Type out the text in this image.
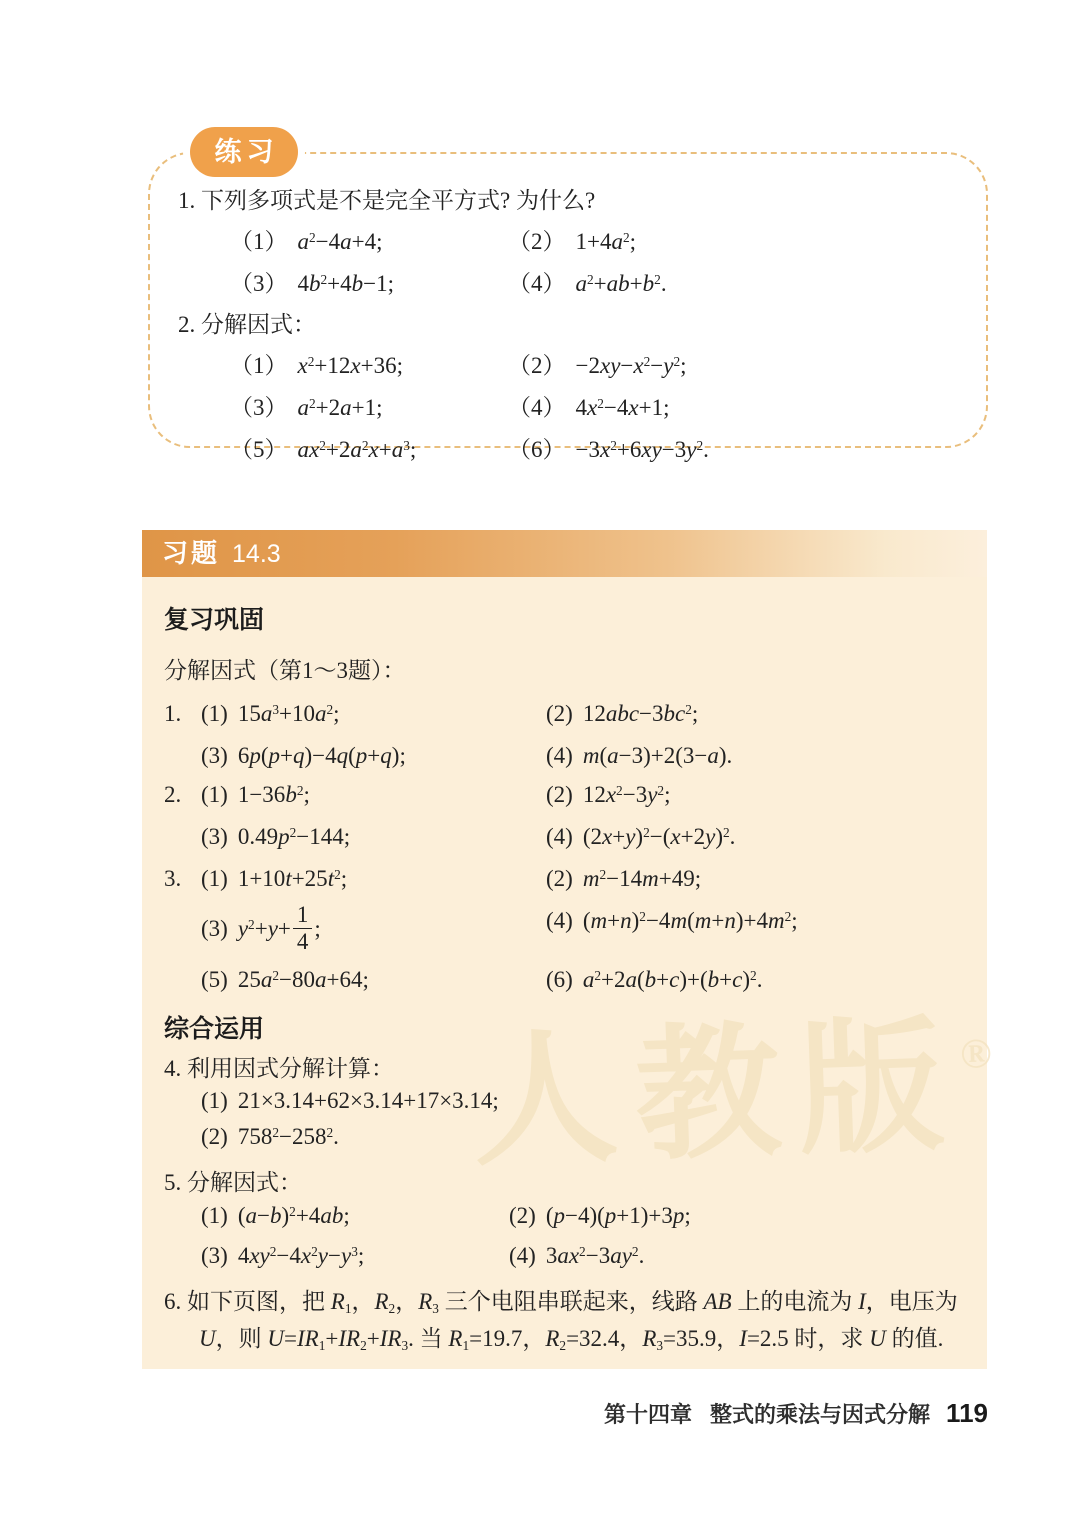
1. 下列多项式是不是完全平方式? 为什么?
（1） $a^2-4a+4$;	（2） $1+4a^2$;
（3） $4b^2+4b-1$;	（4） $a^2+ab+b^2$.
2. 分解因式：
（1） $x^2+12x+36$;	$(2) -2xy-x^2-y^2$;
（3） $a^2+2a+1$;	（4） $4x^2-4x+1$;
（5） $ax^2+2a^2x+a^3$;	$(6) -3x^2+6xy-3y^2$.
练习
习题 14.3
人教版®
复习巩固
分解因式（第1～3题）：
1. (1) $15a^3+10a^2$;	(2) $12abc-3bc^2$;
(3) 6p(p+q)−4q(p+q);	(4) m(a−3)+2(3−a).
2. (1) $1-36b^2$;	(2) $12x^2-3y^2$;
(3) $0.49p^2-144$;	(4) $(2x+y)^2-(x+2y)^2$.
3. (1) $1+10t+25t^2$;	(2) $m^2-14m+49$;
(3) $y^2+y+ \frac{1}{4}$ ;	(4) $(m+n)^2-4m(m+n)+4m^2$;
(5) $25a^2-80a+64$;	(6) $a^2+2a(b+c)+(b+c)^2$.
综合运用
4. 利用因式分解计算：
(1) 21×3.14+62×3.14+17×3.14;
(2) $758^2-258^2$.
5. 分解因式：
(1) $(a-b)^2+4ab$;	(2) (p−4)(p+1)+3p;
(3) $4xy^2-4x^2y-y^3$;	(4) $3ax^2-3ay^2$.
6. 如下页图，把 $R_1$，$R_2$，$R_3$ 三个电阻串联起来，线路 AB 上的电流为 I，电压为 U，则 $U=IR_1+IR_2+IR_3$. 当 $R_1=19.7$，$R_2=32.4$，$R_3=35.9$，I=2.5 时，求 U 的值.
第十四章 整式的乘法与因式分解 119
